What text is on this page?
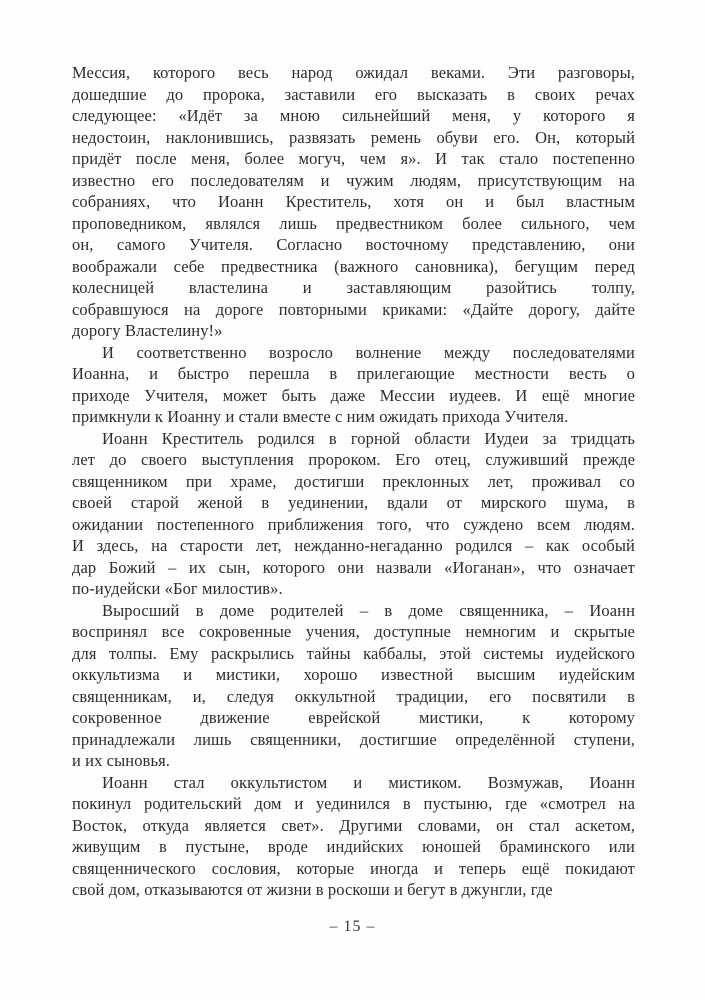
Мессия, которого весь народ ожидал веками. Эти разговоры,
дошедшие до пророка, заставили его высказать в своих речах
следующее: «Идёт за мною сильнейший меня, у которого я
недостоин, наклонившись, развязать ремень обуви его. Он, который
придёт после меня, более могуч, чем я». И так стало постепенно
известно его последователям и чужим людям, присутствующим на
собраниях, что Иоанн Креститель, хотя он и был властным
проповедником, являлся лишь предвестником более сильного, чем
он, самого Учителя. Согласно восточному представлению, они
воображали себе предвестника (важного сановника), бегущим перед
колесницей властелина и заставляющим разойтись толпу,
собравшуюся на дороге повторными криками: «Дайте дорогу, дайте
дорогу Властелину!»
И соответственно возросло волнение между последователями
Иоанна, и быстро перешла в прилегающие местности весть о
приходе Учителя, может быть даже Мессии иудеев. И ещё многие
примкнули к Иоанну и стали вместе с ним ожидать прихода Учителя.
Иоанн Креститель родился в горной области Иудеи за тридцать
лет до своего выступления пророком. Его отец, служивший прежде
священником при храме, достигши преклонных лет, проживал со
своей старой женой в уединении, вдали от мирского шума, в
ожидании постепенного приближения того, что суждено всем людям.
И здесь, на старости лет, нежданно-негаданно родился – как особый
дар Божий – их сын, которого они назвали «Иоганан», что означает
по-иудейски «Бог милостив».
Выросший в доме родителей – в доме священника, – Иоанн
воспринял все сокровенные учения, доступные немногим и скрытые
для толпы. Ему раскрылись тайны каббалы, этой системы иудейского
оккультизма и мистики, хорошо известной высшим иудейским
священникам, и, следуя оккультной традиции, его посвятили в
сокровенное движение еврейской мистики, к которому
принадлежали лишь священники, достигшие определённой ступени,
и их сыновья.
Иоанн стал оккультистом и мистиком. Возмужав, Иоанн
покинул родительский дом и уединился в пустыню, где «смотрел на
Восток, откуда является свет». Другими словами, он стал аскетом,
живущим в пустыне, вроде индийских юношей браминского или
священнического сословия, которые иногда и теперь ещё покидают
свой дом, отказываются от жизни в роскоши и бегут в джунгли, где
– 15 –
